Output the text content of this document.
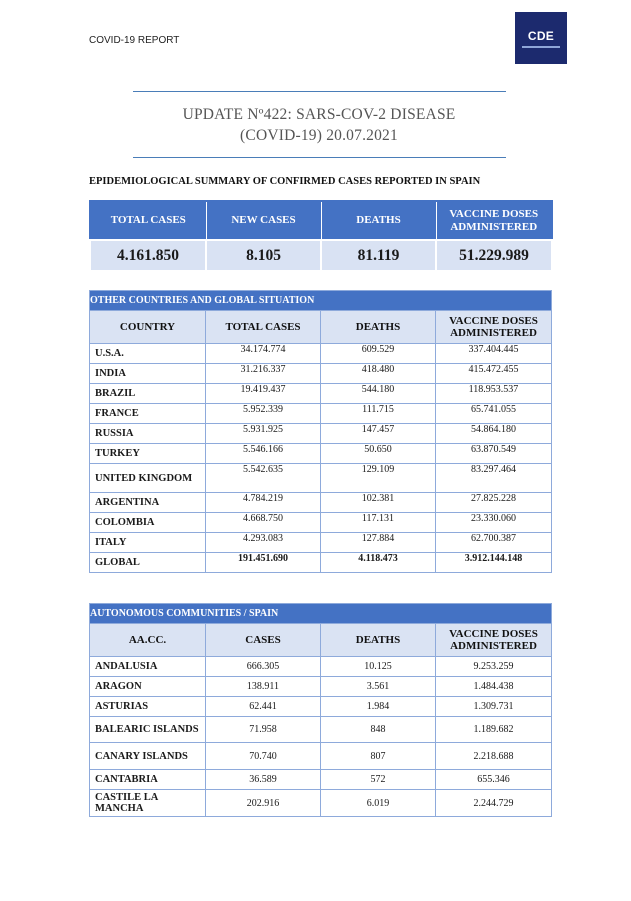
COVID-19 REPORT	CDE
UPDATE Nº422: SARS-COV-2 DISEASE
(COVID-19) 20.07.2021
EPIDEMIOLOGICAL SUMMARY OF CONFIRMED CASES REPORTED IN SPAIN
TOTAL CASES	NEW CASES	DEATHS	VACCINE DOSES ADMINISTERED
4.161.850	8.105	81.119	51.229.989
OTHER COUNTRIES AND GLOBAL SITUATION			
COUNTRY	TOTAL CASES	DEATHS	VACCINE DOSES ADMINISTERED
U.S.A.	34.174.774	609.529	337.404.445
INDIA	31.216.337	418.480	415.472.455
BRAZIL	19.419.437	544.180	118.953.537
FRANCE	5.952.339	111.715	65.741.055
RUSSIA	5.931.925	147.457	54.864.180
TURKEY	5.546.166	50.650	63.870.549
UNITED KINGDOM	5.542.635	129.109	83.297.464
ARGENTINA	4.784.219	102.381	27.825.228
COLOMBIA	4.668.750	117.131	23.330.060
ITALY	4.293.083	127.884	62.700.387
GLOBAL	191.451.690	4.118.473	3.912.144.148
AUTONOMOUS COMMUNITIES / SPAIN			
AA.CC.	CASES	DEATHS	VACCINE DOSES ADMINISTERED
ANDALUSIA	666.305	10.125	9.253.259
ARAGON	138.911	3.561	1.484.438
ASTURIAS	62.441	1.984	1.309.731
BALEARIC ISLANDS	71.958	848	1.189.682
CANARY ISLANDS	70.740	807	2.218.688
CANTABRIA	36.589	572	655.346
CASTILE LA MANCHA	202.916	6.019	2.244.729
